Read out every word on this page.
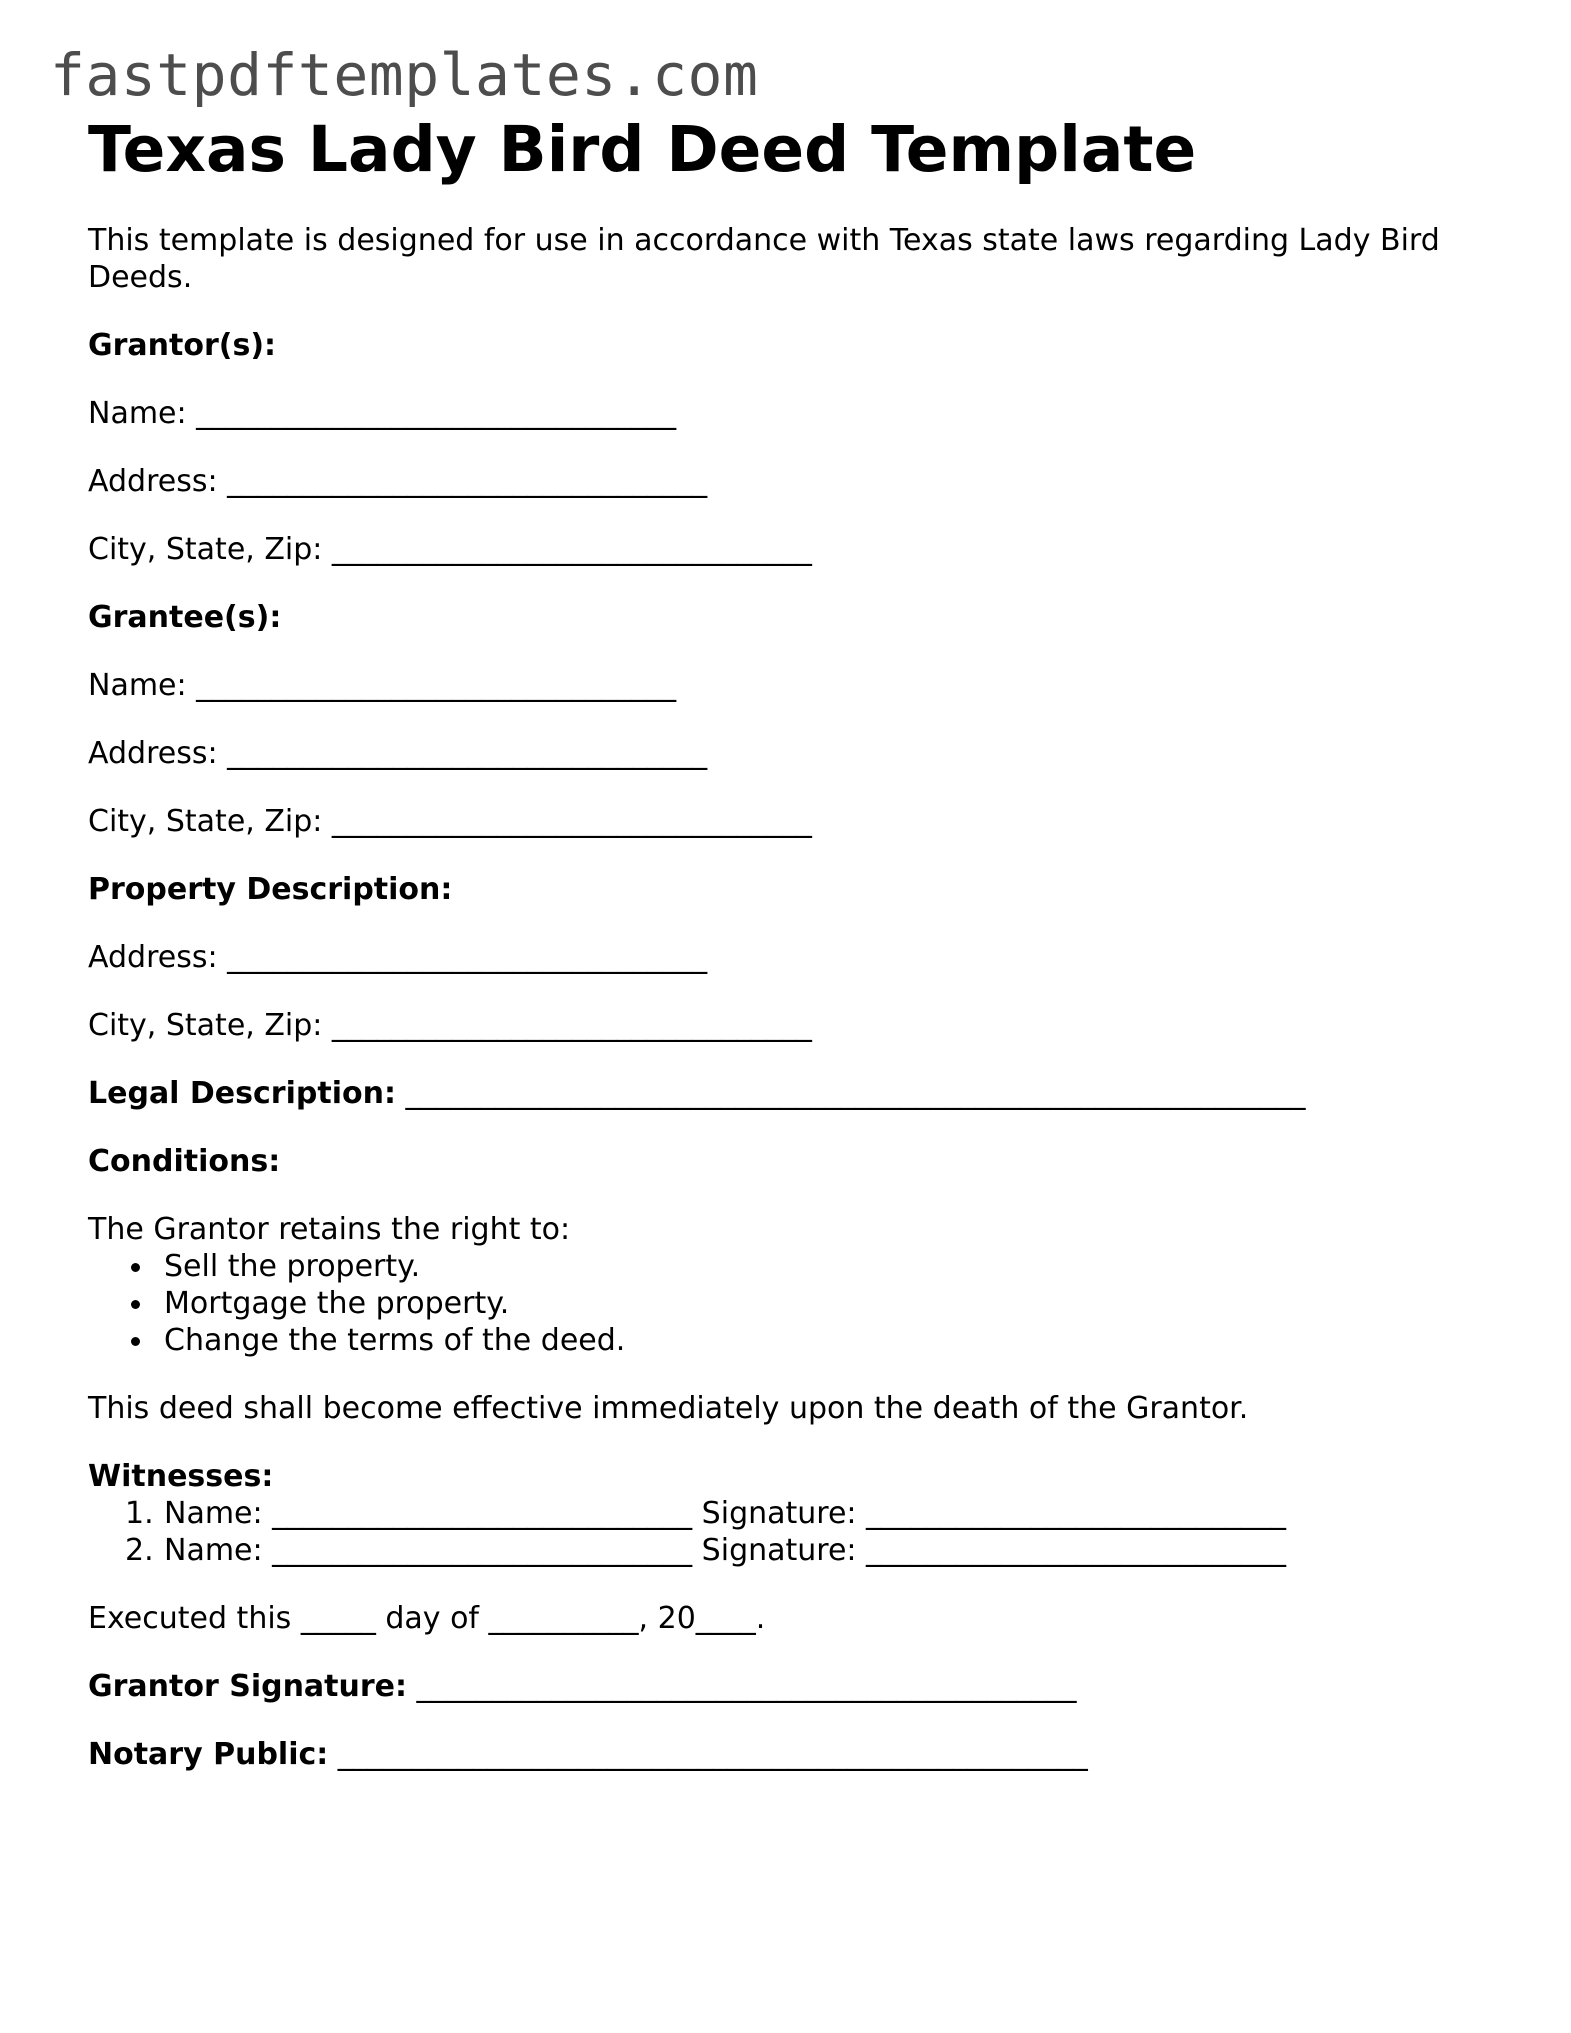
fastpdftemplates.com
Texas Lady Bird Deed Template

This template is designed for use in accordance with Texas state laws regarding Lady Bird Deeds.

Grantor(s):
Name: ________________________________
Address: ________________________________
City, State, Zip: ________________________________
Grantee(s):
Name: ________________________________
Address: ________________________________
City, State, Zip: ________________________________
Property Description:
Address: ________________________________
City, State, Zip: ________________________________
Legal Description: ____________________________________________________________
Conditions:
The Grantor retains the right to:
Sell the property.
Mortgage the property.
Change the terms of the deed.
This deed shall become effective immediately upon the death of the Grantor.
Witnesses:
1. Name: ____________________________ Signature: ____________________________
2. Name: ____________________________ Signature: ____________________________
Executed this _____ day of __________, 20____.
Grantor Signature: ____________________________________________
Notary Public: __________________________________________________
